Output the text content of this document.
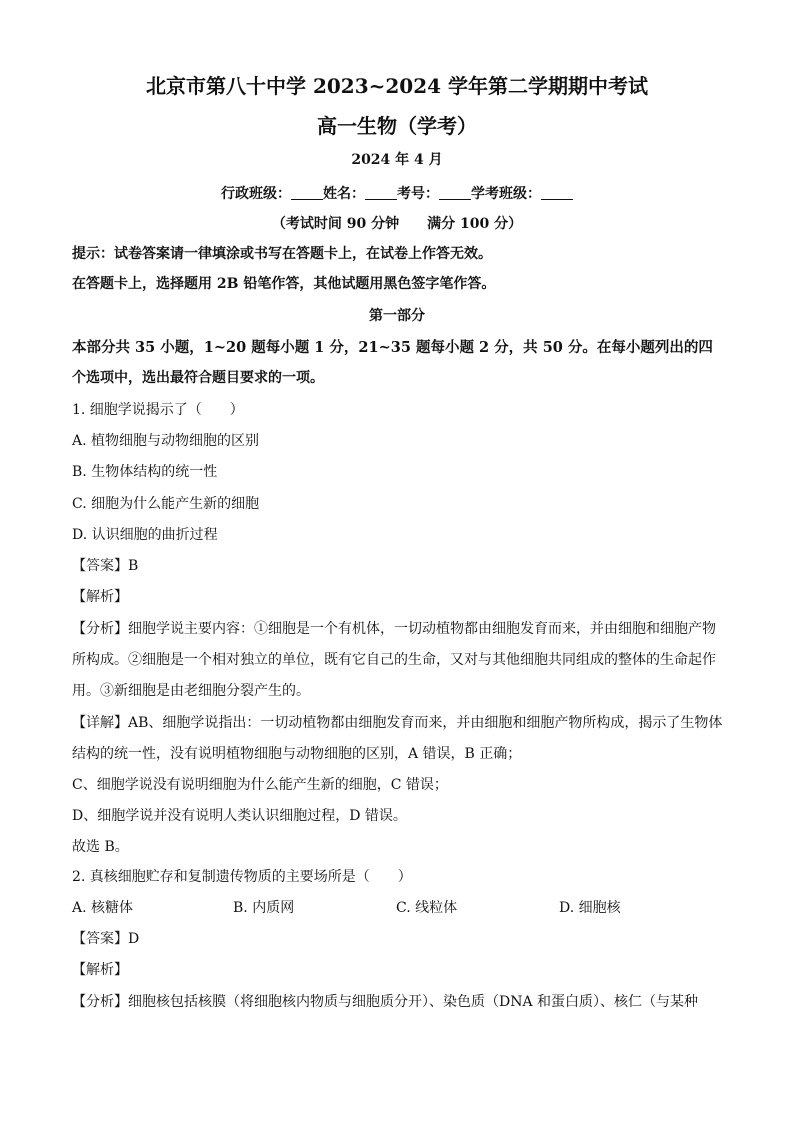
北京市第八十中学 2023~2024 学年第二学期期中考试
高一生物（学考）
2024 年 4 月
行政班级： 姓名： 考号： 学考班级：
（考试时间 90 分钟　　满分 100 分）
提示：试卷答案请一律填涂或书写在答题卡上，在试卷上作答无效。
在答题卡上，选择题用 2B 铅笔作答，其他试题用黑色签字笔作答。
第一部分
本部分共 35 小题，1~20 题每小题 1 分，21~35 题每小题 2 分，共 50 分。在每小题列出的四
个选项中，选出最符合题目要求的一项。
1. 细胞学说揭示了（　　）
A. 植物细胞与动物细胞的区别
B. 生物体结构的统一性
C. 细胞为什么能产生新的细胞
D. 认识细胞的曲折过程
【答案】B
【解析】
【分析】细胞学说主要内容：①细胞是一个有机体，一切动植物都由细胞发育而来，并由细胞和细胞产物
所构成。②细胞是一个相对独立的单位，既有它自己的生命，又对与其他细胞共同组成的整体的生命起作
用。③新细胞是由老细胞分裂产生的。
【详解】AB、细胞学说指出：一切动植物都由细胞发育而来，并由细胞和细胞产物所构成，揭示了生物体
结构的统一性，没有说明植物细胞与动物细胞的区别，A 错误，B 正确；
C、细胞学说没有说明细胞为什么能产生新的细胞，C 错误；
D、细胞学说并没有说明人类认识细胞过程，D 错误。
故选 B。
2. 真核细胞贮存和复制遗传物质的主要场所是（　　）
A. 核糖体	B. 内质网	C. 线粒体	D. 细胞核
【答案】D
【解析】
【分析】细胞核包括核膜（将细胞核内物质与细胞质分开）、染色质（DNA 和蛋白质）、核仁（与某种
